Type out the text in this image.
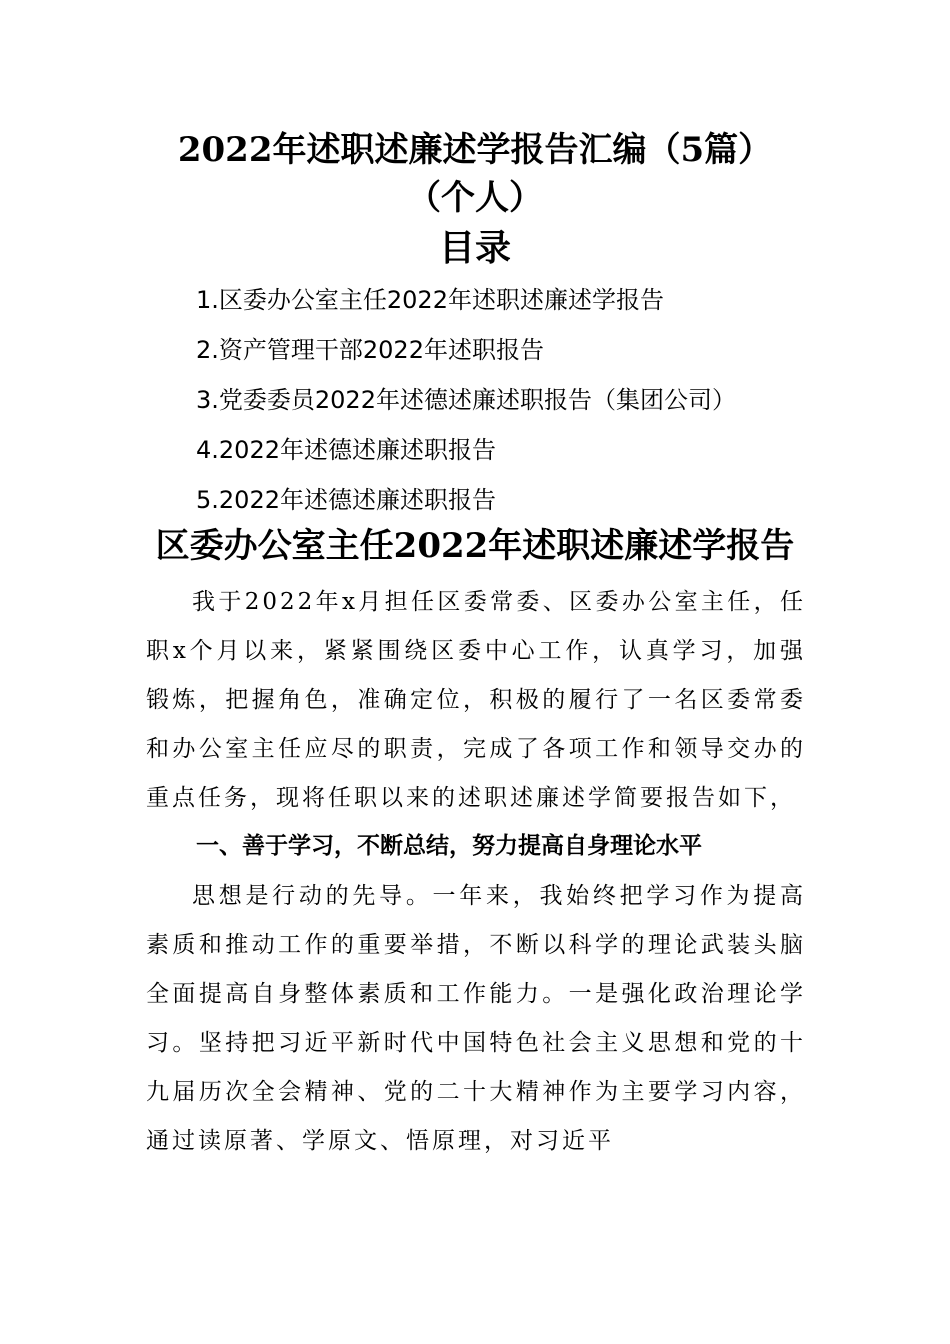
2022年述职述廉述学报告汇编（5篇）
（个人）
目录
1.区委办公室主任2022年述职述廉述学报告
2.资产管理干部2022年述职报告
3.党委委员2022年述德述廉述职报告（集团公司）
4.2022年述德述廉述职报告
5.2022年述德述廉述职报告
区委办公室主任2022年述职述廉述学报告
我于2022年x月担任区委常委、区委办公室主任，任职x个月以来，紧紧围绕区委中心工作，认真学习，加强锻炼，把握角色，准确定位，积极的履行了一名区委常委和办公室主任应尽的职责，完成了各项工作和领导交办的重点任务，现将任职以来的述职述廉述学简要报告如下，
一、善于学习，不断总结，努力提高自身理论水平
思想是行动的先导。一年来，我始终把学习作为提高素质和推动工作的重要举措，不断以科学的理论武装头脑全面提高自身整体素质和工作能力。一是强化政治理论学习。坚持把习近平新时代中国特色社会主义思想和党的十九届历次全会精神、党的二十大精神作为主要学习内容，通过读原著、学原文、悟原理，对习近平
